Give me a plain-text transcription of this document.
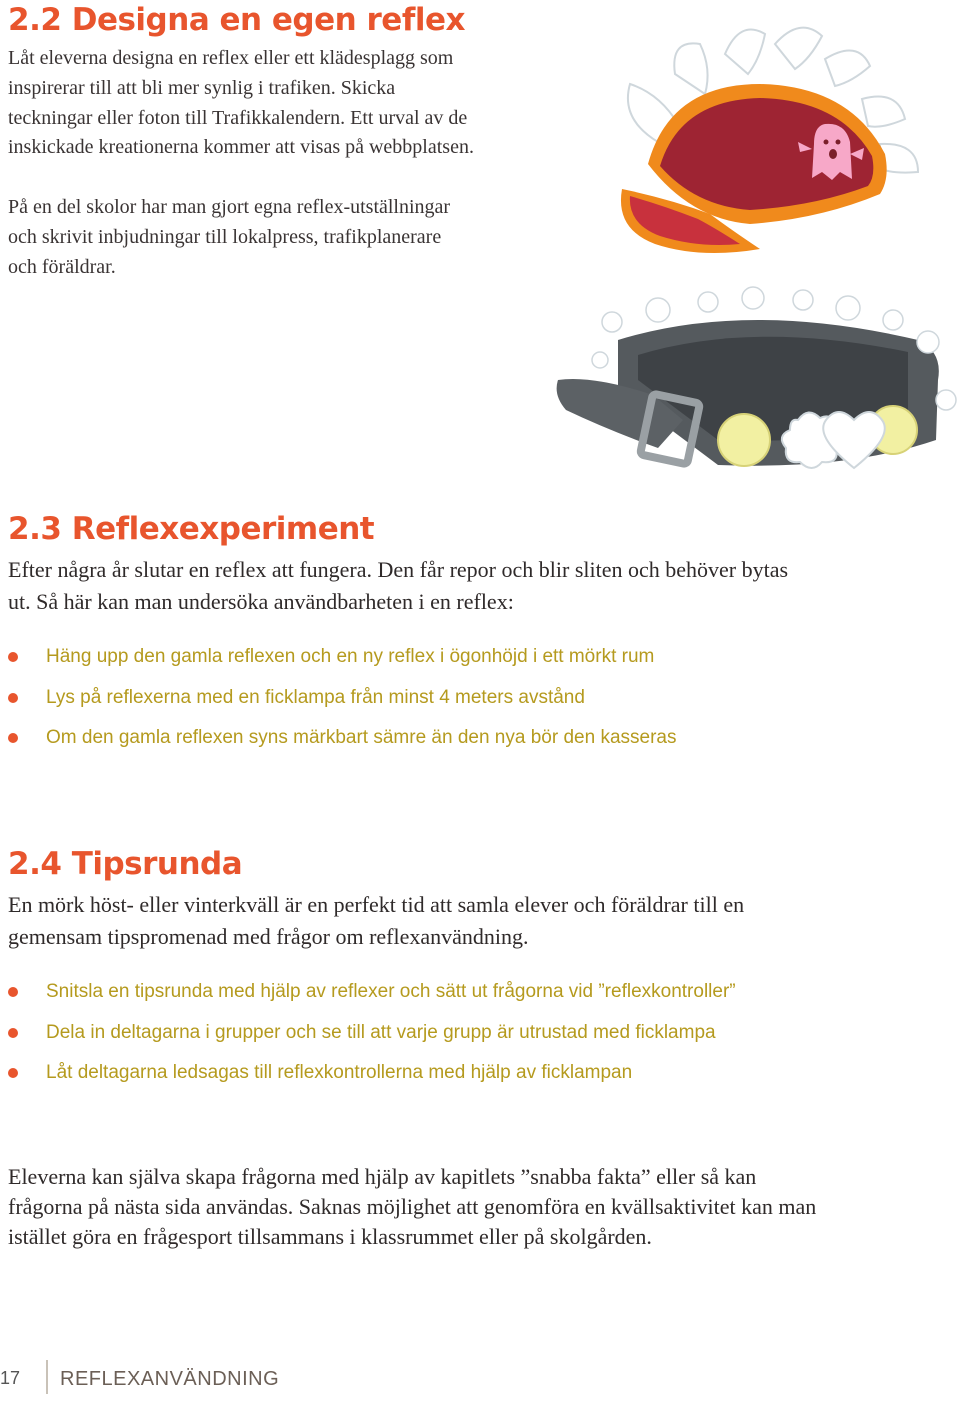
2.2 Designa en egen reflex

Låt eleverna designa en reflex eller ett klädesplagg som inspirerar till att bli mer synlig i trafiken. Skicka teckningar eller foton till Trafikkalendern. Ett urval av de inskickade kreationerna kommer att visas på webbplatsen.

På en del skolor har man gjort egna reflex-utställningar och skrivit inbjudningar till lokalpress, trafikplanerare och föräldrar.

2.3 Reflexexperiment

Efter några år slutar en reflex att fungera. Den får repor och blir sliten och behöver bytas ut. Så här kan man undersöka användbarheten i en reflex:

Häng upp den gamla reflexen och en ny reflex i ögonhöjd i ett mörkt rum
Lys på reflexerna med en ficklampa från minst 4 meters avstånd
Om den gamla reflexen syns märkbart sämre än den nya bör den kasseras
2.4 Tipsrunda

En mörk höst- eller vinterkväll är en perfekt tid att samla elever och föräldrar till en gemensam tipspromenad med frågor om reflexanvändning.

Snitsla en tipsrunda med hjälp av reflexer och sätt ut frågorna vid ”reflexkontroller”
Dela in deltagarna i grupper och se till att varje grupp är utrustad med ficklampa
Låt deltagarna ledsagas till reflexkontrollerna med hjälp av ficklampan

Eleverna kan själva skapa frågorna med hjälp av kapitlets ”snabba fakta” eller så kan frågorna på nästa sida användas. Saknas möjlighet att genomföra en kvällsaktivitet kan man istället göra en frågesport tillsammans i klassrummet eller på skolgården.

17 REFLEXANVÄNDNING
